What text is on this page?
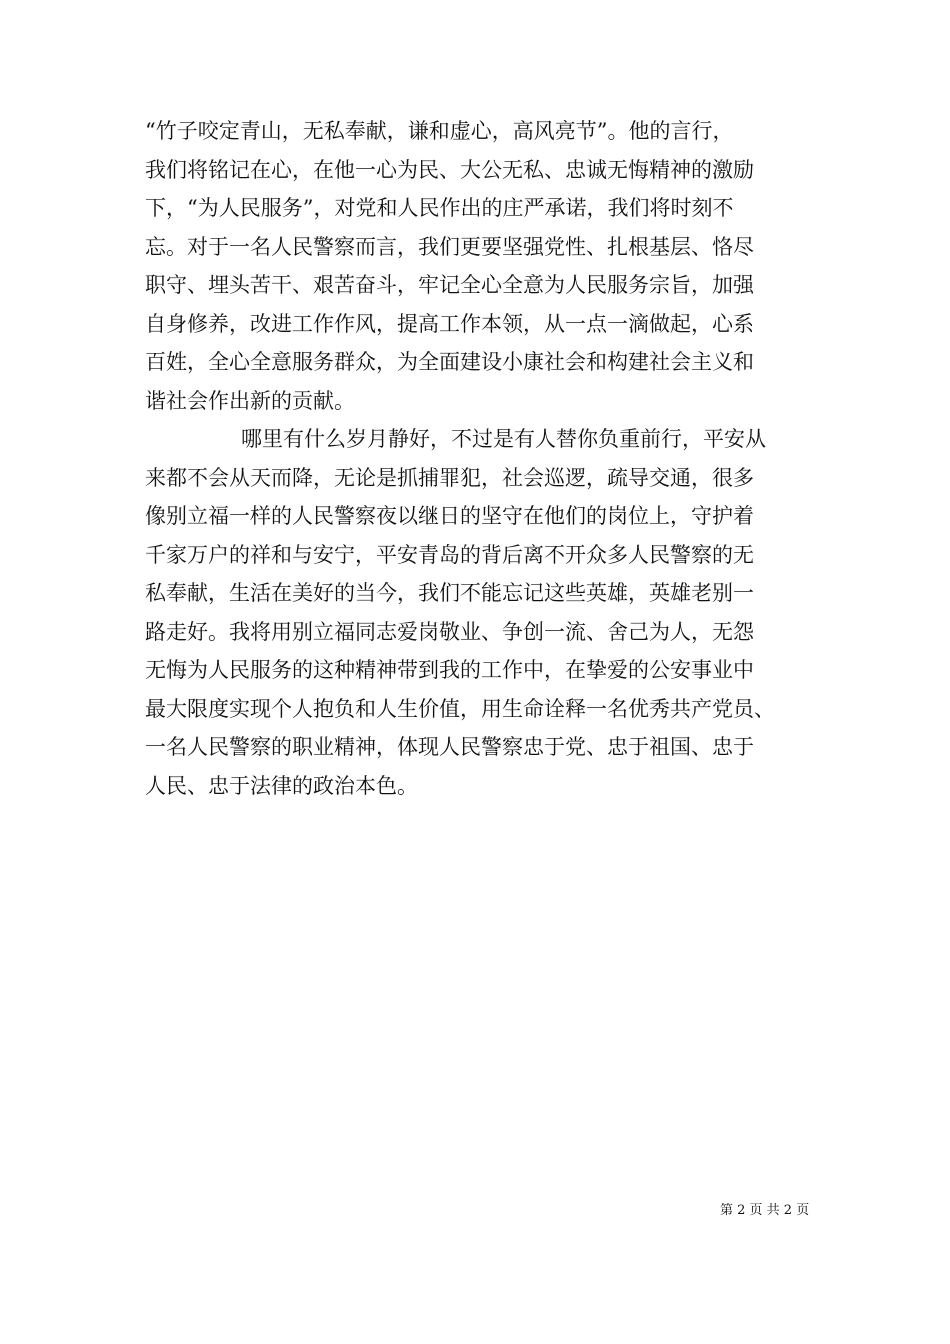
“竹子咬定青山，无私奉献，谦和虚心，高风亮节”。他的言行，
我们将铭记在心，在他一心为民、大公无私、忠诚无悔精神的激励
下，“为人民服务”，对党和人民作出的庄严承诺，我们将时刻不
忘。对于一名人民警察而言，我们更要坚强党性、扎根基层、恪尽
职守、埋头苦干、艰苦奋斗，牢记全心全意为人民服务宗旨，加强
自身修养，改进工作作风，提高工作本领，从一点一滴做起，心系
百姓，全心全意服务群众，为全面建设小康社会和构建社会主义和
谐社会作出新的贡献。
哪里有什么岁月静好，不过是有人替你负重前行，平安从
来都不会从天而降，无论是抓捕罪犯，社会巡逻，疏导交通，很多
像别立福一样的人民警察夜以继日的坚守在他们的岗位上，守护着
千家万户的祥和与安宁，平安青岛的背后离不开众多人民警察的无
私奉献，生活在美好的当今，我们不能忘记这些英雄，英雄老别一
路走好。我将用别立福同志爱岗敬业、争创一流、舍己为人，无怨
无悔为人民服务的这种精神带到我的工作中，在挚爱的公安事业中
最大限度实现个人抱负和人生价值，用生命诠释一名优秀共产党员、
一名人民警察的职业精神，体现人民警察忠于党、忠于祖国、忠于
人民、忠于法律的政治本色。
第 2 页 共 2 页
